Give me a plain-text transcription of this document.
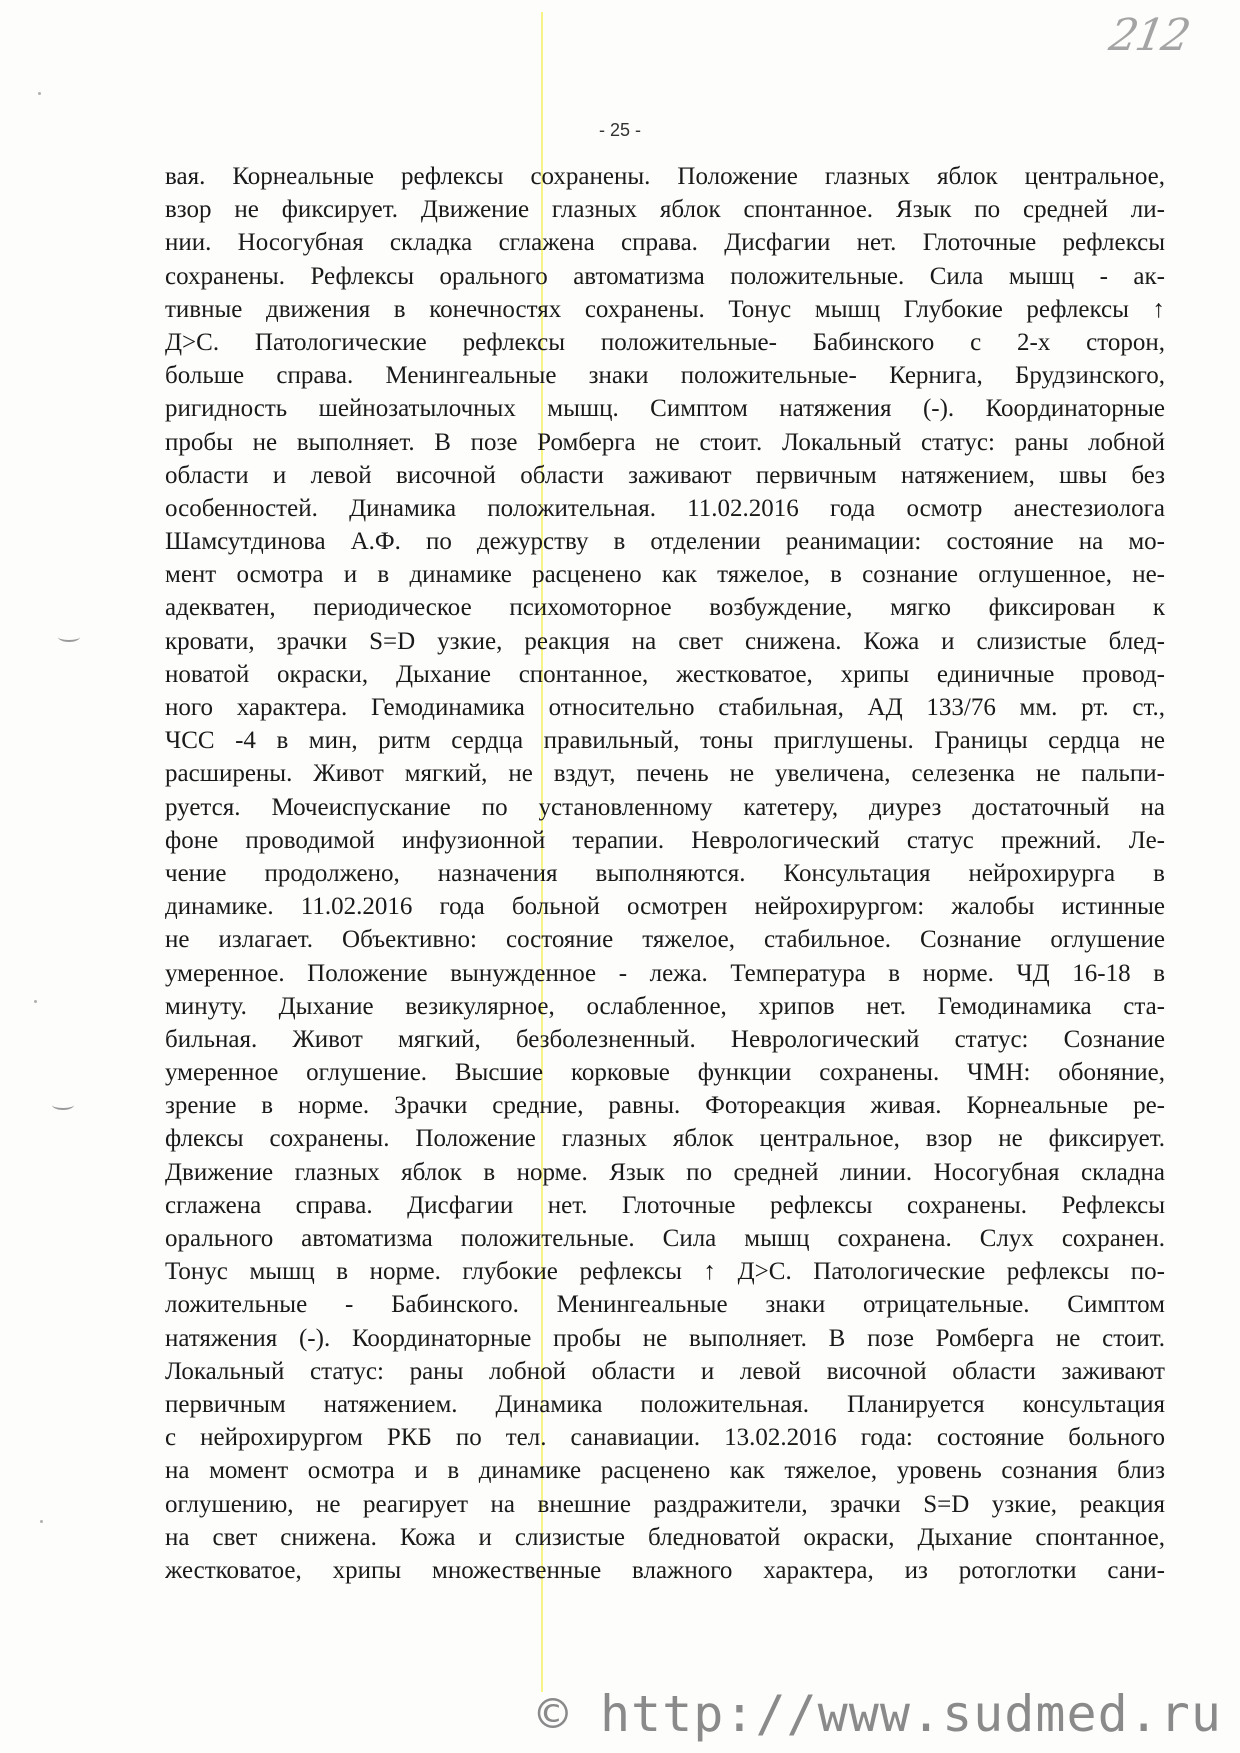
212
- 25 -
вая. Корнеальные рефлексы сохранены. Положение глазных яблок центральное,
взор не фиксирует. Движение глазных яблок спонтанное. Язык по средней ли-
нии. Носогубная складка сглажена справа. Дисфагии нет. Глоточные рефлексы
сохранены. Рефлексы орального автоматизма положительные. Сила мышц - ак-
тивные движения в конечностях сохранены. Тонус мышц Глубокие рефлексы ↑
Д>С. Патологические рефлексы положительные- Бабинского с 2-х сторон,
больше справа. Менингеальные знаки положительные- Кернига, Брудзинского,
ригидность шейнозатылочных мышц. Симптом натяжения (-). Координаторные
пробы не выполняет. В позе Ромберга не стоит. Локальный статус: раны лобной
области и левой височной области заживают первичным натяжением, швы без
особенностей. Динамика положительная. 11.02.2016 года осмотр анестезиолога
Шамсутдинова А.Ф. по дежурству в отделении реанимации: состояние на мо-
мент осмотра и в динамике расценено как тяжелое, в сознание оглушенное, не-
адекватен, периодическое психомоторное возбуждение, мягко фиксирован к
кровати, зрачки S=D узкие, реакция на свет снижена. Кожа и слизистые блед-
новатой окраски, Дыхание спонтанное, жестковатое, хрипы единичные провод-
ного характера. Гемодинамика относительно стабильная, АД 133/76 мм. рт. ст.,
ЧСС -4 в мин, ритм сердца правильный, тоны приглушены. Границы сердца не
расширены. Живот мягкий, не вздут, печень не увеличена, селезенка не пальпи-
руется. Мочеиспускание по установленному катетеру, диурез достаточный на
фоне проводимой инфузионной терапии. Неврологический статус прежний. Ле-
чение продолжено, назначения выполняются. Консультация нейрохирурга в
динамике. 11.02.2016 года больной осмотрен нейрохирургом: жалобы истинные
не излагает. Объективно: состояние тяжелое, стабильное. Сознание оглушение
умеренное. Положение вынужденное - лежа. Температура в норме. ЧД 16-18 в
минуту. Дыхание везикулярное, ослабленное, хрипов нет. Гемодинамика ста-
бильная. Живот мягкий, безболезненный. Неврологический статус: Сознание
умеренное оглушение. Высшие корковые функции сохранены. ЧМН: обоняние,
зрение в норме. Зрачки средние, равны. Фотореакция живая. Корнеальные ре-
флексы сохранены. Положение глазных яблок центральное, взор не фиксирует.
Движение глазных яблок в норме. Язык по средней линии. Носогубная складна
сглажена справа. Дисфагии нет. Глоточные рефлексы сохранены. Рефлексы
орального автоматизма положительные. Сила мышц сохранена. Слух сохранен.
Тонус мышц в норме. глубокие рефлексы ↑ Д>С. Патологические рефлексы по-
ложительные - Бабинского. Менингеальные знаки отрицательные. Симптом
натяжения (-). Координаторные пробы не выполняет. В позе Ромберга не стоит.
Локальный статус: раны лобной области и левой височной области заживают
первичным натяжением. Динамика положительная. Планируется консультация
с нейрохирургом РКБ по тел. санавиации. 13.02.2016 года: состояние больного
на момент осмотра и в динамике расценено как тяжелое, уровень сознания близ
оглушению, не реагирует на внешние раздражители, зрачки S=D узкие, реакция
на свет снижена. Кожа и слизистые бледноватой окраски, Дыхание спонтанное,
жестковатое, хрипы множественные влажного характера, из ротоглотки сани-
© http://www.sudmed.ru
